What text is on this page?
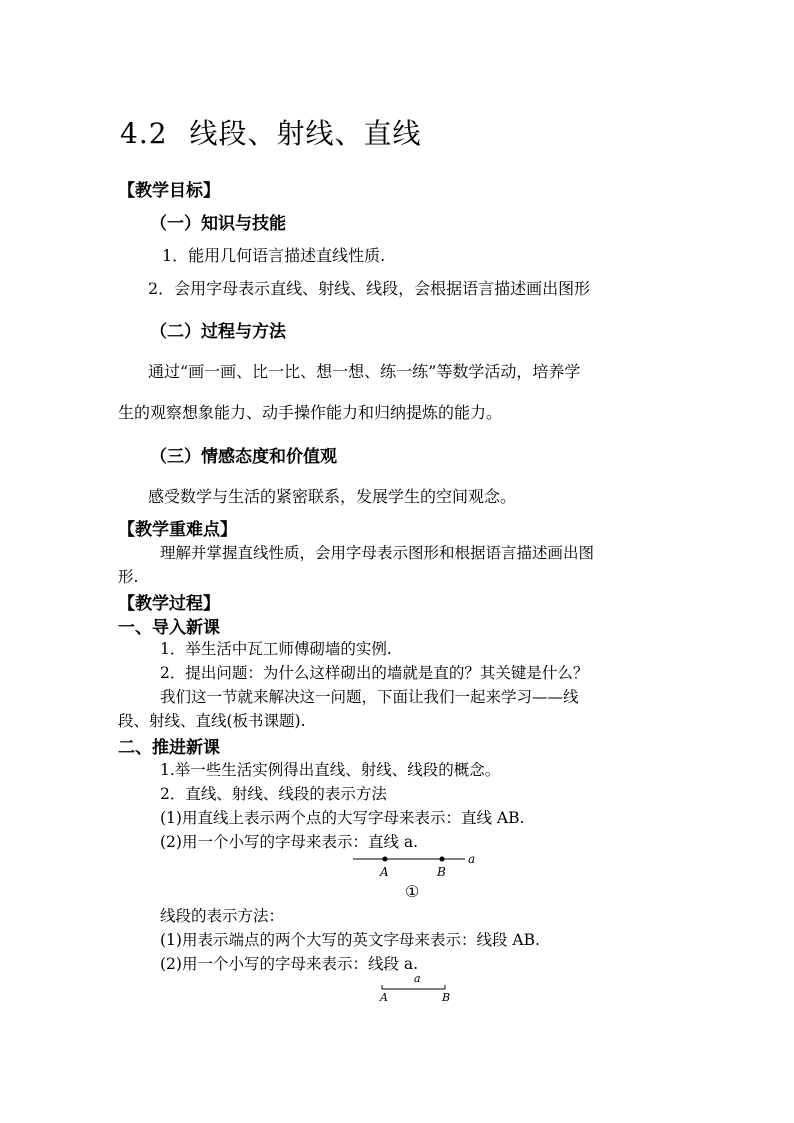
4.2 线段、射线、直线
【教学目标】
（一）知识与技能
1．能用几何语言描述直线性质.
2．会用字母表示直线、射线、线段，会根据语言描述画出图形
（二）过程与方法
通过“画一画、比一比、想一想、练一练”等数学活动，培养学
生的观察想象能力、动手操作能力和归纳提炼的能力。
（三）情感态度和价值观
感受数学与生活的紧密联系，发展学生的空间观念。
【教学重难点】
理解并掌握直线性质，会用字母表示图形和根据语言描述画出图
形.
【教学过程】
一、导入新课
1．举生活中瓦工师傅砌墙的实例.
2．提出问题：为什么这样砌出的墙就是直的？其关键是什么？
我们这一节就来解决这一问题，下面让我们一起来学习——线
段、射线、直线(板书课题).
二、推进新课
1.举一些生活实例得出直线、射线、线段的概念。
2．直线、射线、线段的表示方法
(1)用直线上表示两个点的大写字母来表示：直线 AB.
(2)用一个小写的字母来表示：直线 a.
a
A	B
①
线段的表示方法：
(1)用表示端点的两个大写的英文字母来表示：线段 AB.
(2)用一个小写的字母来表示：线段 a.
a
A	B
